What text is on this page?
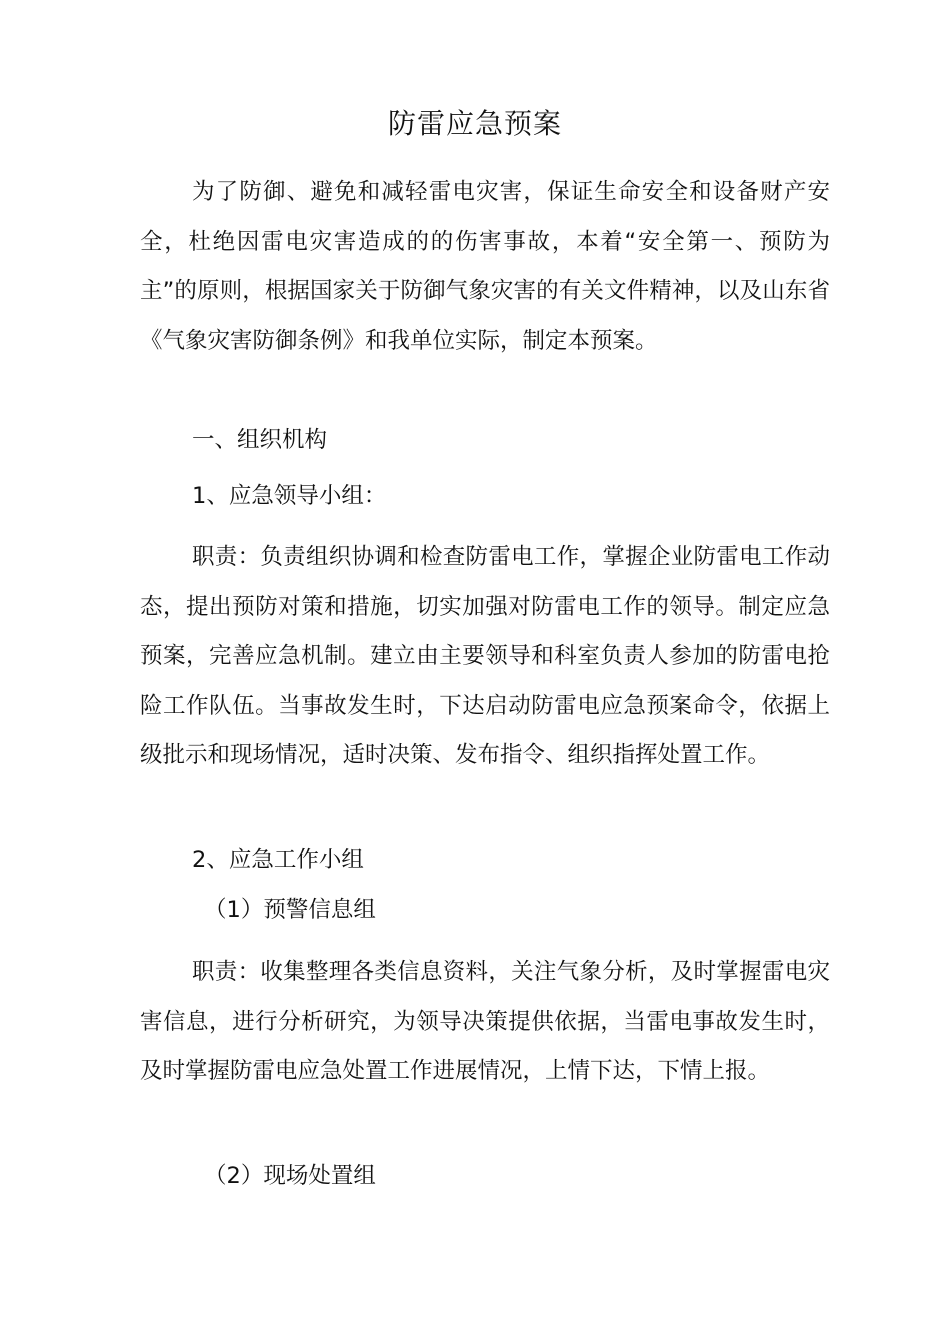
防雷应急预案

为了防御、避免和减轻雷电灾害，保证生命安全和设备财产安全，杜绝因雷电灾害造成的的伤害事故，本着“安全第一、预防为主”的原则，根据国家关于防御气象灾害的有关文件精神，以及山东省《气象灾害防御条例》和我单位实际，制定本预案。

一、组织机构
1、应急领导小组：

职责：负责组织协调和检查防雷电工作，掌握企业防雷电工作动态，提出预防对策和措施，切实加强对防雷电工作的领导。制定应急预案，完善应急机制。建立由主要领导和科室负责人参加的防雷电抢险工作队伍。当事故发生时，下达启动防雷电应急预案命令，依据上级批示和现场情况，适时决策、发布指令、组织指挥处置工作。

2、应急工作小组
（1）预警信息组

职责：收集整理各类信息资料，关注气象分析，及时掌握雷电灾害信息，进行分析研究，为领导决策提供依据，当雷电事故发生时，及时掌握防雷电应急处置工作进展情况，上情下达，下情上报。

（2）现场处置组
